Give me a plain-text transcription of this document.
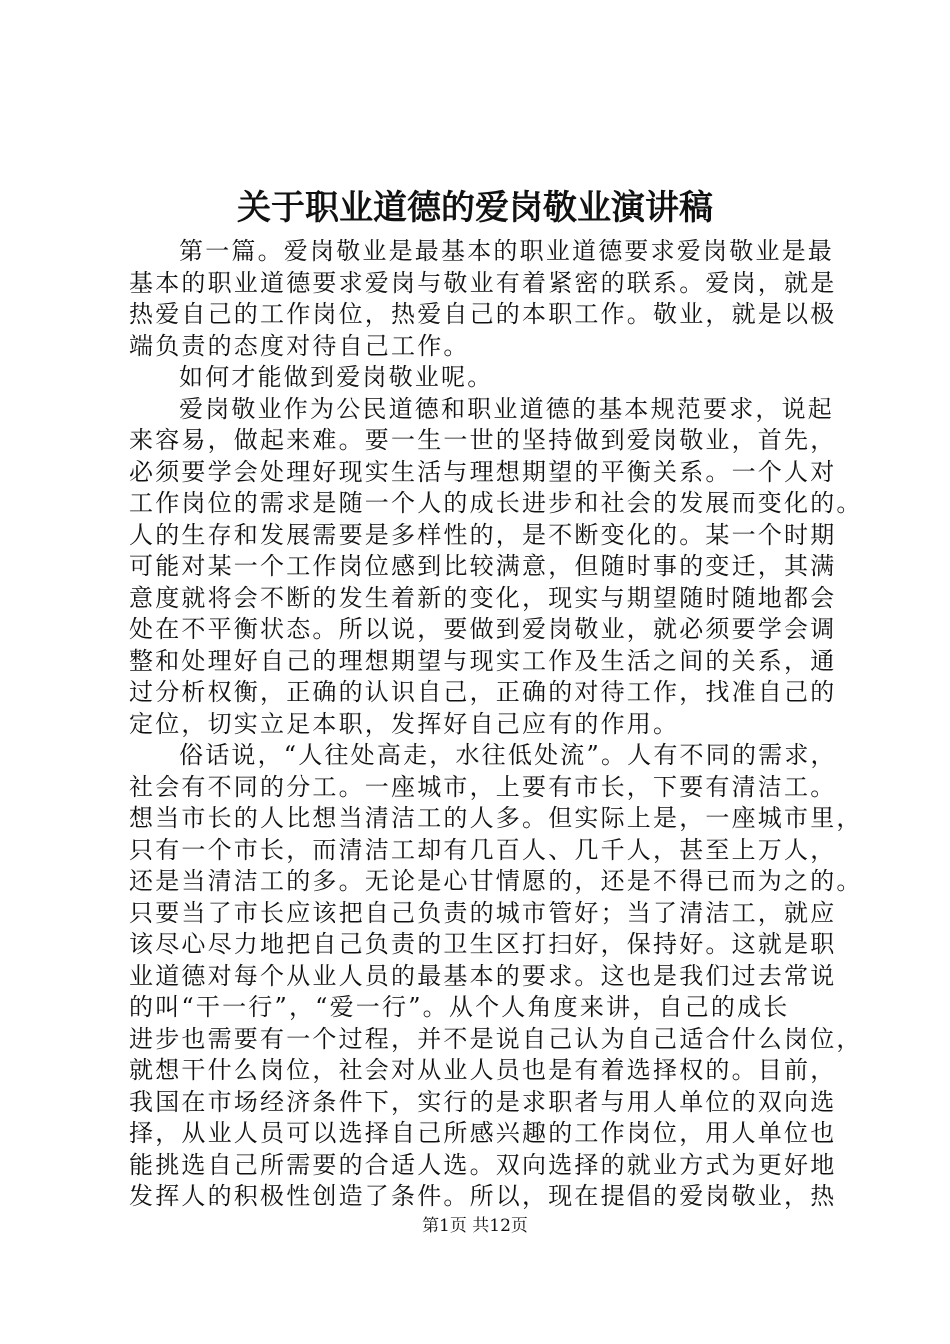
关于职业道德的爱岗敬业演讲稿
第一篇。爱岗敬业是最基本的职业道德要求爱岗敬业是最
基本的职业道德要求爱岗与敬业有着紧密的联系。爱岗，就是
热爱自己的工作岗位，热爱自己的本职工作。敬业，就是以极
端负责的态度对待自己工作。
如何才能做到爱岗敬业呢。
爱岗敬业作为公民道德和职业道德的基本规范要求，说起
来容易，做起来难。要一生一世的坚持做到爱岗敬业，首先，
必须要学会处理好现实生活与理想期望的平衡关系。一个人对
工作岗位的需求是随一个人的成长进步和社会的发展而变化的。
人的生存和发展需要是多样性的，是不断变化的。某一个时期
可能对某一个工作岗位感到比较满意，但随时事的变迁，其满
意度就将会不断的发生着新的变化，现实与期望随时随地都会
处在不平衡状态。所以说，要做到爱岗敬业，就必须要学会调
整和处理好自己的理想期望与现实工作及生活之间的关系，通
过分析权衡，正确的认识自己，正确的对待工作，找准自己的
定位，切实立足本职，发挥好自己应有的作用。
俗话说，“人往处高走，水往低处流”。人有不同的需求，
社会有不同的分工。一座城市，上要有市长，下要有清洁工。
想当市长的人比想当清洁工的人多。但实际上是，一座城市里，
只有一个市长，而清洁工却有几百人、几千人，甚至上万人，
还是当清洁工的多。无论是心甘情愿的，还是不得已而为之的。
只要当了市长应该把自己负责的城市管好；当了清洁工，就应
该尽心尽力地把自己负责的卫生区打扫好，保持好。这就是职
业道德对每个从业人员的最基本的要求。这也是我们过去常说
的叫“干一行”，“爱一行”。从个人角度来讲，自己的成长
进步也需要有一个过程，并不是说自己认为自己适合什么岗位，
就想干什么岗位，社会对从业人员也是有着选择权的。目前，
我国在市场经济条件下，实行的是求职者与用人单位的双向选
择，从业人员可以选择自己所感兴趣的工作岗位，用人单位也
能挑选自己所需要的合适人选。双向选择的就业方式为更好地
发挥人的积极性创造了条件。所以，现在提倡的爱岗敬业，热
第1页 共12页
